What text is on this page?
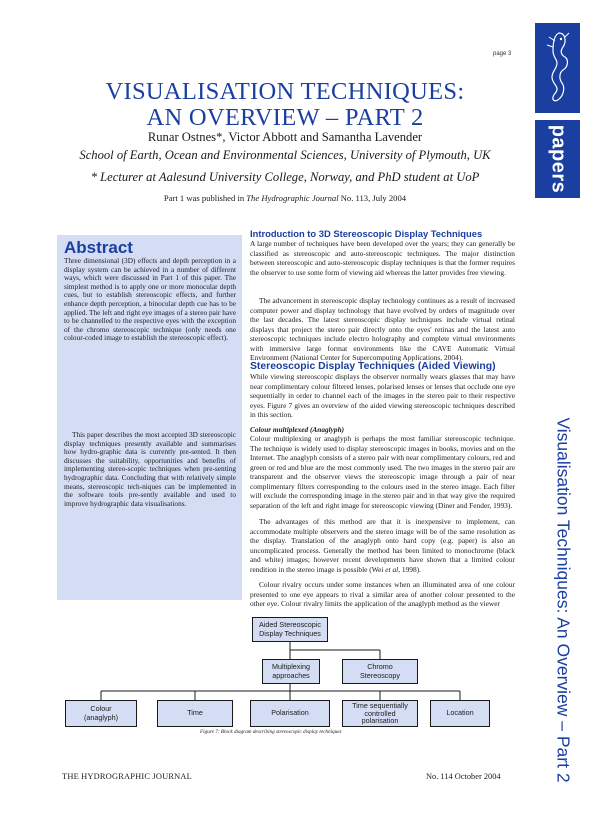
papers
Visualisation Techniques: An Overview – Part 2
page 3
VISUALISATION TECHNIQUES:
AN OVERVIEW – PART 2
Runar Ostnes*, Victor Abbott and Samantha Lavender
School of Earth, Ocean and Environmental Sciences, University of Plymouth, UK
* Lecturer at Aalesund University College, Norway, and PhD student at UoP
Part 1 was published in The Hydrographic Journal No. 113, July 2004
Abstract
Three dimensional (3D) effects and depth perception in a display system can be achieved in a number of different ways, which were discussed in Part 1 of this paper. The simplest method is to apply one or more monocular depth cues, but to establish stereoscopic effects, and further enhance depth perception, a binocular depth cue has to be applied. The left and right eye images of a stereo pair have to be channelled to the respective eyes with the exception of the chromo stereoscopic technique (only needs one colour-coded image to establish the stereoscopic effect).
This paper describes the most accepted 3D stereoscopic display techniques presently available and summarises how hydro-graphic data is currently pre-sented. It then discusses the suitability, opportunities and benefits of implementing stereo-scopic techniques when pre-senting hydrographic data. Concluding that with relatively simple means, stereoscopic tech-niques can be implemented in the software tools pre-sently available and used to improve hydrographic data visualisations.
Introduction to 3D Stereoscopic Display Techniques
A large number of techniques have been developed over the years; they can generally be classified as stereoscopic and auto-stereoscopic techniques. The major distinction between stereoscopic and auto-stereoscopic display techniques is that the former requires the observer to use some form of viewing aid whereas the latter provides free viewing.
The advancement in stereoscopic display technology continues as a result of increased computer power and display technology that have evolved by orders of magnitude over the last decades. The latest stereoscopic display techniques include virtual retinal displays that project the stereo pair directly onto the eyes' retinas and the latest auto stereoscopic techniques include electro holography and complete virtual environments with immersive large format environments like the CAVE Automatic Virtual Environment (National Center for Supercomputing Applications, 2004).
Stereoscopic Display Techniques (Aided Viewing)
While viewing stereoscopic displays the observer normally wears glasses that may have near complimentary colour filtered lenses, polarised lenses or lenses that occlude one eye sequentially in order to channel each of the images in the stereo pair to their respective eyes. Figure 7 gives an overview of the aided viewing stereoscopic techniques described in this section.
Colour multiplexed (Anaglyph)
Colour multiplexing or anaglyph is perhaps the most familiar stereoscopic technique. The technique is widely used to display stereoscopic images in books, movies and on the Internet. The anaglyph consists of a stereo pair with near complimentary colours, red and green or red and blue are the most commonly used. The two images in the stereo pair are transparent and the observer views the stereoscopic image through a pair of near complimentary filters corresponding to the colours used in the stereo image. Each filter will exclude the corresponding image in the stereo pair and in that way give the required separation of the left and right image for stereoscopic viewing (Diner and Fender, 1993).
The advantages of this method are that it is inexpensive to implement, can accommodate multiple observers and the stereo image will be of the same resolution as the display. Translation of the anaglyph onto hard copy (e.g. paper) is also an uncomplicated process. Generally the method has been limited to monochrome (black and white) images; however recent developments have shown that a limited colour rendition in the stereo image is possible (Wei et al, 1998).
Colour rivalry occurs under some instances when an illuminated area of one colour presented to one eye appears to rival a similar area of another colour presented to the other eye. Colour rivalry limits the application of the anaglyph method as the viewer
Aided Stereoscopic
Display Techniques
Multiplexing
approaches
Chromo
Stereoscopy
Colour
(anaglyph)	Time	Polarisation
Time sequentially
controlled
polarisation
Location
Figure 7: Block diagram describing stereoscopic display techniques
THE HYDROGRAPHIC JOURNAL	No. 114 October 2004
